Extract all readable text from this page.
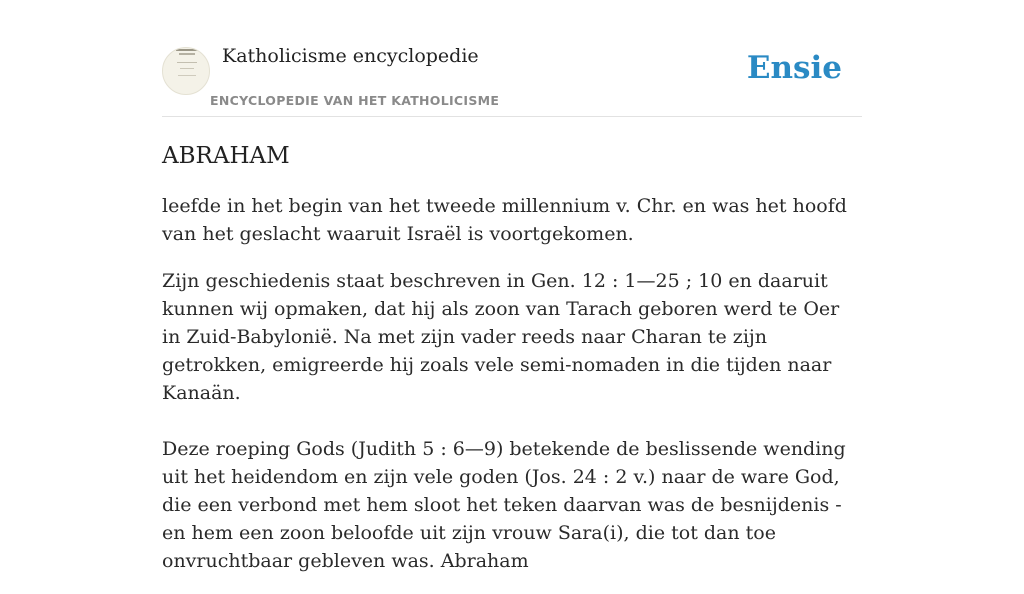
Katholicisme encyclopedie
ENCYCLOPEDIE VAN HET KATHOLICISME
Ensie
ABRAHAM

leefde in het begin van het tweede millennium v. Chr. en was het hoofd van het geslacht waaruit Israël is voortgekomen.

Zijn geschiedenis staat beschreven in Gen. 12 : 1—25 ; 10 en daaruit kunnen wij opmaken, dat hij als zoon van Tarach geboren werd te Oer in Zuid-Babylonië. Na met zijn vader reeds naar Charan te zijn getrokken, emigreerde hij zoals vele semi-nomaden in die tijden naar Kanaän.

Deze roeping Gods (Judith 5 : 6—9) betekende de beslissende wending uit het heidendom en zijn vele goden (Jos. 24 : 2 v.) naar de ware God, die een verbond met hem sloot het teken daarvan was de besnijdenis - en hem een zoon beloofde uit zijn vrouw Sara(i), die tot dan toe onvruchtbaar gebleven was. Abraham
